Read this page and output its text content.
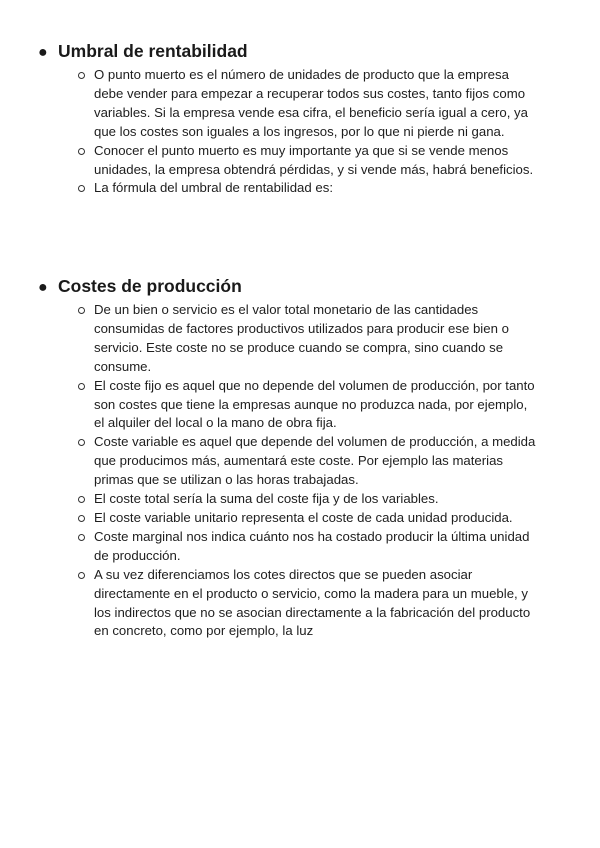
● Umbral de rentabilidad
O punto muerto es el número de unidades de producto que la empresa debe vender para empezar a recuperar todos sus costes, tanto fijos como variables. Si la empresa vende esa cifra, el beneficio sería igual a cero, ya que los costes son iguales a los ingresos, por lo que ni pierde ni gana.
Conocer el punto muerto es muy importante ya que si se vende menos unidades, la empresa obtendrá pérdidas, y si vende más, habrá beneficios.
La fórmula del umbral de rentabilidad es:
● Costes de producción
De un bien o servicio es el valor total monetario de las cantidades consumidas de factores productivos utilizados para producir ese bien o servicio. Este coste no se produce cuando se compra, sino cuando se consume.
El coste fijo es aquel que no depende del volumen de producción, por tanto son costes que tiene la empresas aunque no produzca nada, por ejemplo, el alquiler del local o la mano de obra fija.
Coste variable es aquel que depende del volumen de producción, a medida que producimos más, aumentará este coste. Por ejemplo las materias primas que se utilizan o las horas trabajadas.
El coste total sería la suma del coste fija y de los variables.
El coste variable unitario representa el coste de cada unidad producida.
Coste marginal nos indica cuánto nos ha costado producir la última unidad de producción.
A su vez diferenciamos los cotes directos que se pueden asociar directamente en el producto o servicio, como la madera para un mueble, y los indirectos que no se asocian directamente a la fabricación del producto en concreto, como por ejemplo, la luz
